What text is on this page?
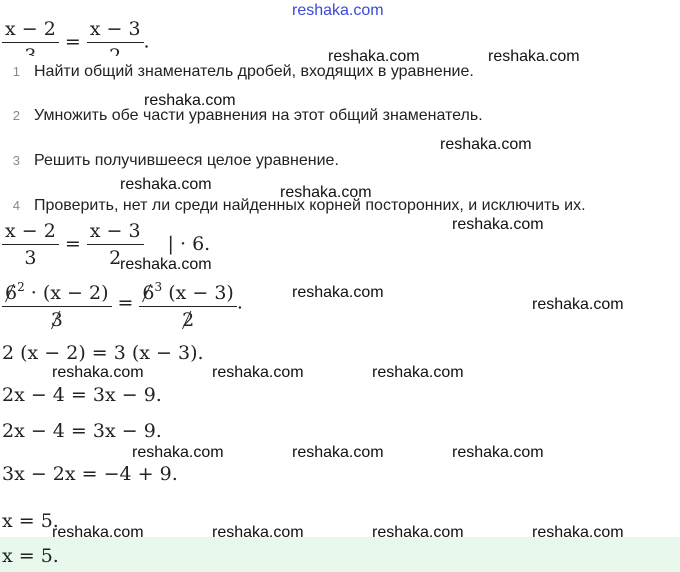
reshaka.com
x − 2
=
x − 3
.
1 Найти общий знаменатель дробей, входящих в уравнение.
2 Умножить обе части уравнения на этот общий знаменатель.
3 Решить получившееся целое уравнение.
4 Проверить, нет ли среди найденных корней посторонних, и исключить их.
$\frac{x - 2}{3} = \frac{x - 3}{2}$ | · 6.
$\frac{6^2 \cdot (x - 2)}{3} = \frac{6^3 (x - 3)}{2}$ .
2 (x − 2) = 3 (x − 3).
2x − 4 = 3x − 9.
2x − 4 = 3x − 9.
3x − 2x = −4 + 9.
x = 5.
x = 5.
reshaka.com	reshaka.com
reshaka.com
reshaka.com
reshaka.com	reshaka.com
reshaka.com
reshaka.com
reshaka.com
reshaka.com
reshaka.com	reshaka.com	reshaka.com
reshaka.com	reshaka.com	reshaka.com
reshaka.com	reshaka.com	reshaka.com	reshaka.com
